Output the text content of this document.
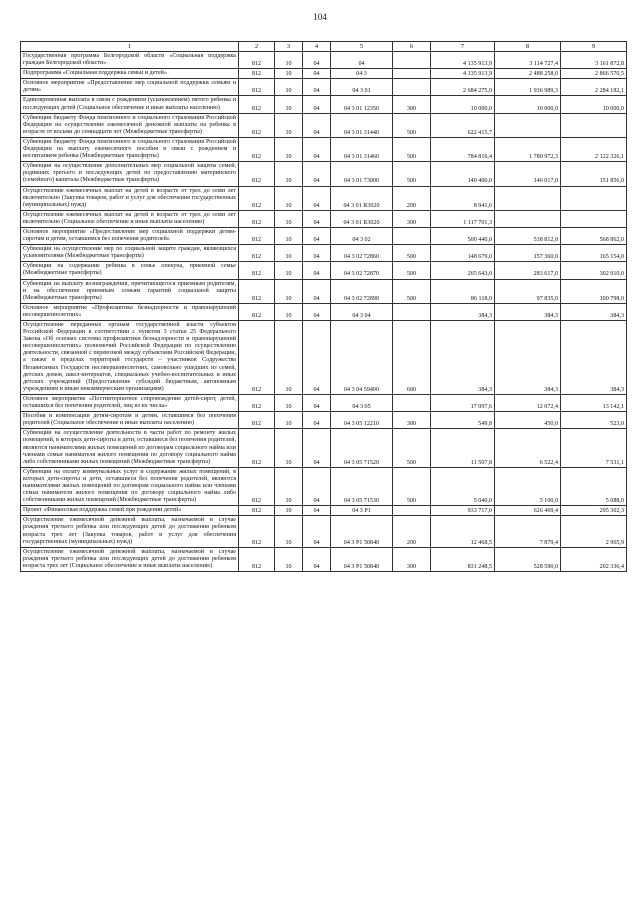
104
1	2	3	4	5	6	7	8	9
Государственная программа Белгородской области «Социальная поддержка граждан Белгородской области»	812	10	04	04		4 135 913,9	3 114 727,4	3 161 872,8
Подпрограмма «Социальная поддержка семьи и детей»	812	10	04	04 3		4 135 913,9	2 488 258,0	2 866 570,5
Основное мероприятие «Предоставление мер социальной поддержки семьям и детям»	812	10	04	04 3 01		2 684 275,0	1 936 989,3	2 284 182,1
Единовременная выплата в связи с рождением (усыновлением) пятого ребенка и последующих детей (Социальное обеспечение и иные выплаты населению)	812	10	04	04 3 01 12350	300	10 000,0	10 000,0	10 000,0
Субвенции бюджету Фонда пенсионного и социального страхования Российской Федерации на осуществление ежемесячной денежной выплаты на ребенка в возрасте от восьми до семнадцати лет (Межбюджетные трансферты)	812	10	04	04 3 01 31440	500	622 415,7		
Субвенции бюджету Фонда пенсионного и социального страхования Российской Федерации на выплату ежемесячного пособия в связи с рождением и воспитанием ребенка (Межбюджетные трансферты)	812	10	04	04 3 01 31460	500	784 816,4	1 780 972,3	2 122 326,1
Субвенции на осуществление дополнительных мер социальной защиты семей, родивших третьего и последующих детей по предоставлению материнского (семейного) капитала (Межбюджетные трансферты)	812	10	04	04 3 01 73000	500	140 400,0	146 017,0	151 856,0
Осуществление ежемесячных выплат на детей в возрасте от трех до семи лет включительно (Закупка товаров, работ и услуг для обеспечения государственных (муниципальных) нужд)	812	10	04	04 3 01 R3020	200	8 941,6		
Осуществление ежемесячных выплат на детей в возрасте от трех до семи лет включительно (Социальное обеспечение и иные выплаты населению)	812	10	04	04 3 01 R3020	300	1 117 701,3		
Основное мероприятие «Предоставление мер социальной поддержки детям-сиротам и детям, оставшимся без попечения родителей»	812	10	04	04 3 02		500 440,0	538 812,0	568 862,0
Субвенции на осуществление мер по социальной защите граждан, являющихся усыновителями (Межбюджетные трансферты)	812	10	04	04 3 02 72860	500	148 679,0	157 360,0	165 154,0
Субвенции на содержание ребенка в семье опекуна, приемной семье (Межбюджетные трансферты)	812	10	04	04 3 02 72870	500	265 643,0	283 617,0	302 910,0
Субвенции на выплату вознаграждения, причитающегося приемным родителям, и на обеспечение приемным семьям гарантий социальной защиты (Межбюджетные трансферты)	812	10	04	04 3 02 72890	500	86 118,0	97 835,0	100 798,0
Основное мероприятие «Профилактика безнадзорности и правонарушений несовершеннолетних»	812	10	04	04 3 04		384,3	384,3	384,3
Осуществление переданных органам государственной власти субъектов Российской Федерации в соответствии с пунктом 3 статьи 25 Федерального Закона «Об основах системы профилактики безнадзорности и правонарушений несовершеннолетних» полномочий Российской Федерации по осуществлению деятельности, связанной с перевозкой между субъектами Российской Федерации, а также в пределах территорий государств – участников Содружества Независимых Государств несовершеннолетних, самовольно ушедших из семей, детских домов, школ-интернатов, специальных учебно-воспитательных и иных детских учреждений (Предоставление субсидий бюджетным, автономным учреждениям и иным некоммерческим организациям)	812	10	04	04 3 04 59400	600	384,3	384,3	384,3
Основное мероприятие «Постинтернатное сопровождение детей-сирот, детей, оставшихся без попечения родителей, лиц из их числа»	812	10	04	04 3 05		17 097,6	12 072,4	13 142,1
Пособия и компенсации детям-сиротам и детям, оставшимся без попечения родителей (Социальное обеспечение и иные выплаты населению)	812	10	04	04 3 05 12210	300	549,8	450,0	523,0
Субвенции на осуществление деятельности в части работ по ремонту жилых помещений, в которых дети-сироты и дети, оставшиеся без попечения родителей, являются нанимателями жилых помещений по договорам социального найма или членами семьи нанимателя жилого помещения по договору социального найма либо собственниками жилых помещений (Межбюджетные трансферты)	812	10	04	04 3 05 71520	500	11 507,8	6 522,4	7 531,1
Субвенции на оплату коммунальных услуг и содержание жилых помещений, в которых дети-сироты и дети, оставшиеся без попечения родителей, являются нанимателями жилых помещений по договорам социального найма или членами семьи нанимателя жилого помещения по договору социального найма либо собственниками жилых помещений (Межбюджетные трансферты)	812	10	04	04 3 05 71530	500	5 040,0	5 100,0	5 088,0
Проект «Финансовая поддержка семей при рождении детей»	812	10	04	04 3 P1		933 717,0	626 469,4	295 302,3
Осуществление ежемесячной денежной выплаты, назначаемой в случае рождения третьего ребенка или последующих детей до достижения ребенком возраста трех лет (Закупка товаров, работ и услуг для обеспечения государственных (муниципальных) нужд)	812	10	04	04 3 P1 50840	200	12 468,5	7 879,4	2 965,9
Осуществление ежемесячной денежной выплаты, назначаемой в случае рождения третьего ребенка или последующих детей до достижения ребенком возраста трех лет (Социальное обеспечение и иные выплаты населению)	812	10	04	04 3 P1 50840	300	831 248,5	528 590,0	202 336,4
